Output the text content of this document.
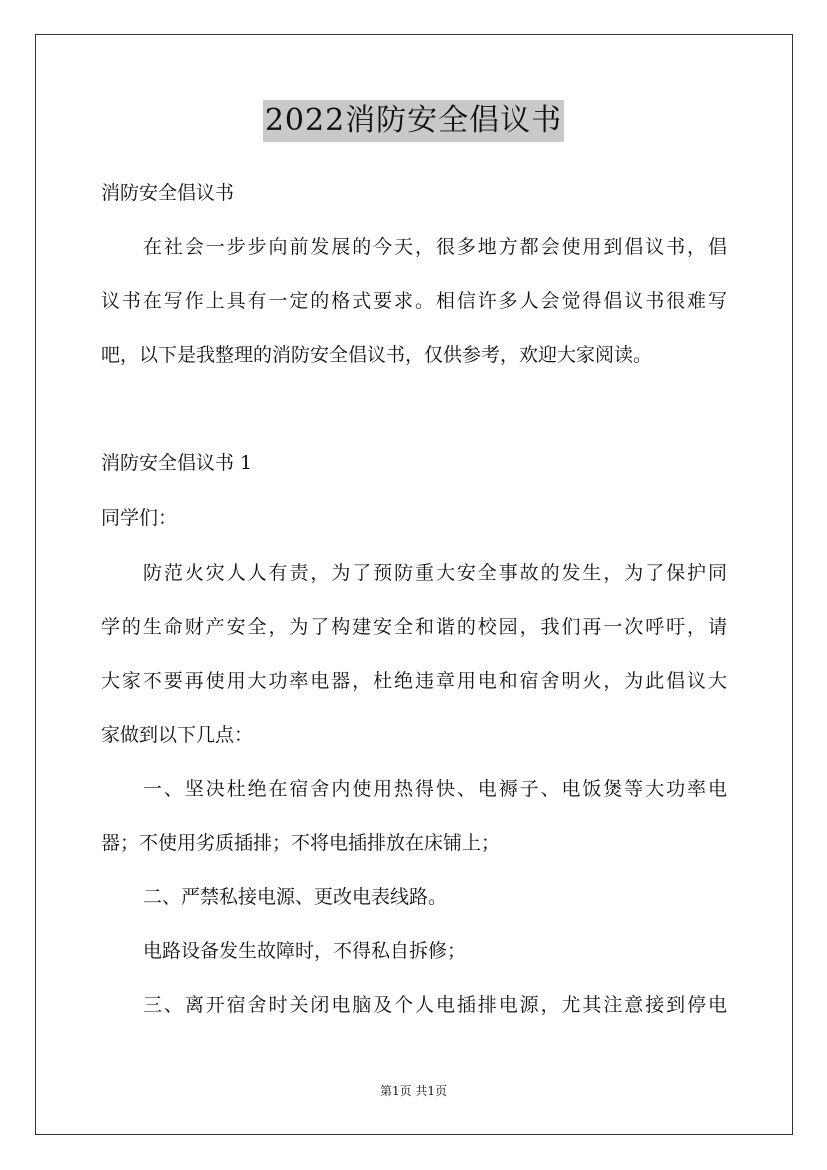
2022消防安全倡议书
消防安全倡议书
在社会一步步向前发展的今天，很多地方都会使用到倡议书，倡
议书在写作上具有一定的格式要求。相信许多人会觉得倡议书很难写
吧，以下是我整理的消防安全倡议书，仅供参考，欢迎大家阅读。
消防安全倡议书 1
同学们：
防范火灾人人有责，为了预防重大安全事故的发生，为了保护同
学的生命财产安全，为了构建安全和谐的校园，我们再一次呼吁，请
大家不要再使用大功率电器，杜绝违章用电和宿舍明火，为此倡议大
家做到以下几点：
一、坚决杜绝在宿舍内使用热得快、电褥子、电饭煲等大功率电
器；不使用劣质插排；不将电插排放在床铺上；
二、严禁私接电源、更改电表线路。
电路设备发生故障时，不得私自拆修；
三、离开宿舍时关闭电脑及个人电插排电源，尤其注意接到停电
第1页 共1页
